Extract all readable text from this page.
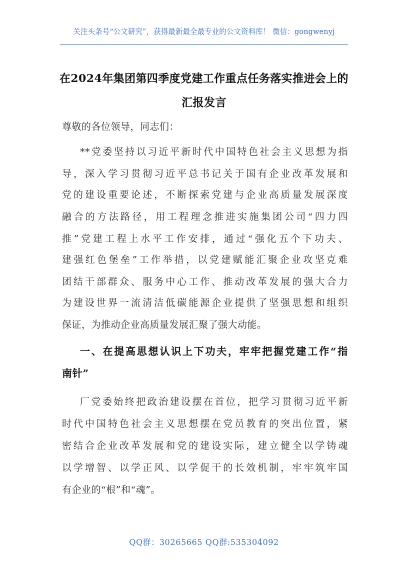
关注头条号“公文研究”，获得最新最全最专业的公文资料库！ 微信：gongwenyj
在2024年集团第四季度党建工作重点任务落实推进会上的
汇报发言
尊敬的各位领导，同志们：
**党委坚持以习近平新时代中国特色社会主义思想为指
导，深入学习贯彻习近平总书记关于国有企业改革发展和
党的建设重要论述，不断探索党建与企业高质量发展深度
融合的方法路径，用工程理念推进实施集团公司“四力四
推”党建工程上水平工作安排，通过“强化五个下功夫、
建强红色堡垒”工作举措，以党建赋能汇聚企业攻坚克难
团结干部群众、服务中心工作、推动改革发展的强大合力
为建设世界一流清洁低碳能源企业提供了坚强思想和组织
保证，为推动企业高质量发展汇聚了强大动能。
一、在提高思想认识上下功夫，牢牢把握党建工作“指
南针”
厂党委始终把政治建设摆在首位，把学习贯彻习近平新
时代中国特色社会主义思想摆在党员教育的突出位置，紧
密结合企业改革发展和党的建设实际，建立健全以学铸魂
以学增智、以学正风、以学促干的长效机制，牢牢筑牢国
有企业的“根”和“魂”。
QQ群：30265665 QQ群:535304092
